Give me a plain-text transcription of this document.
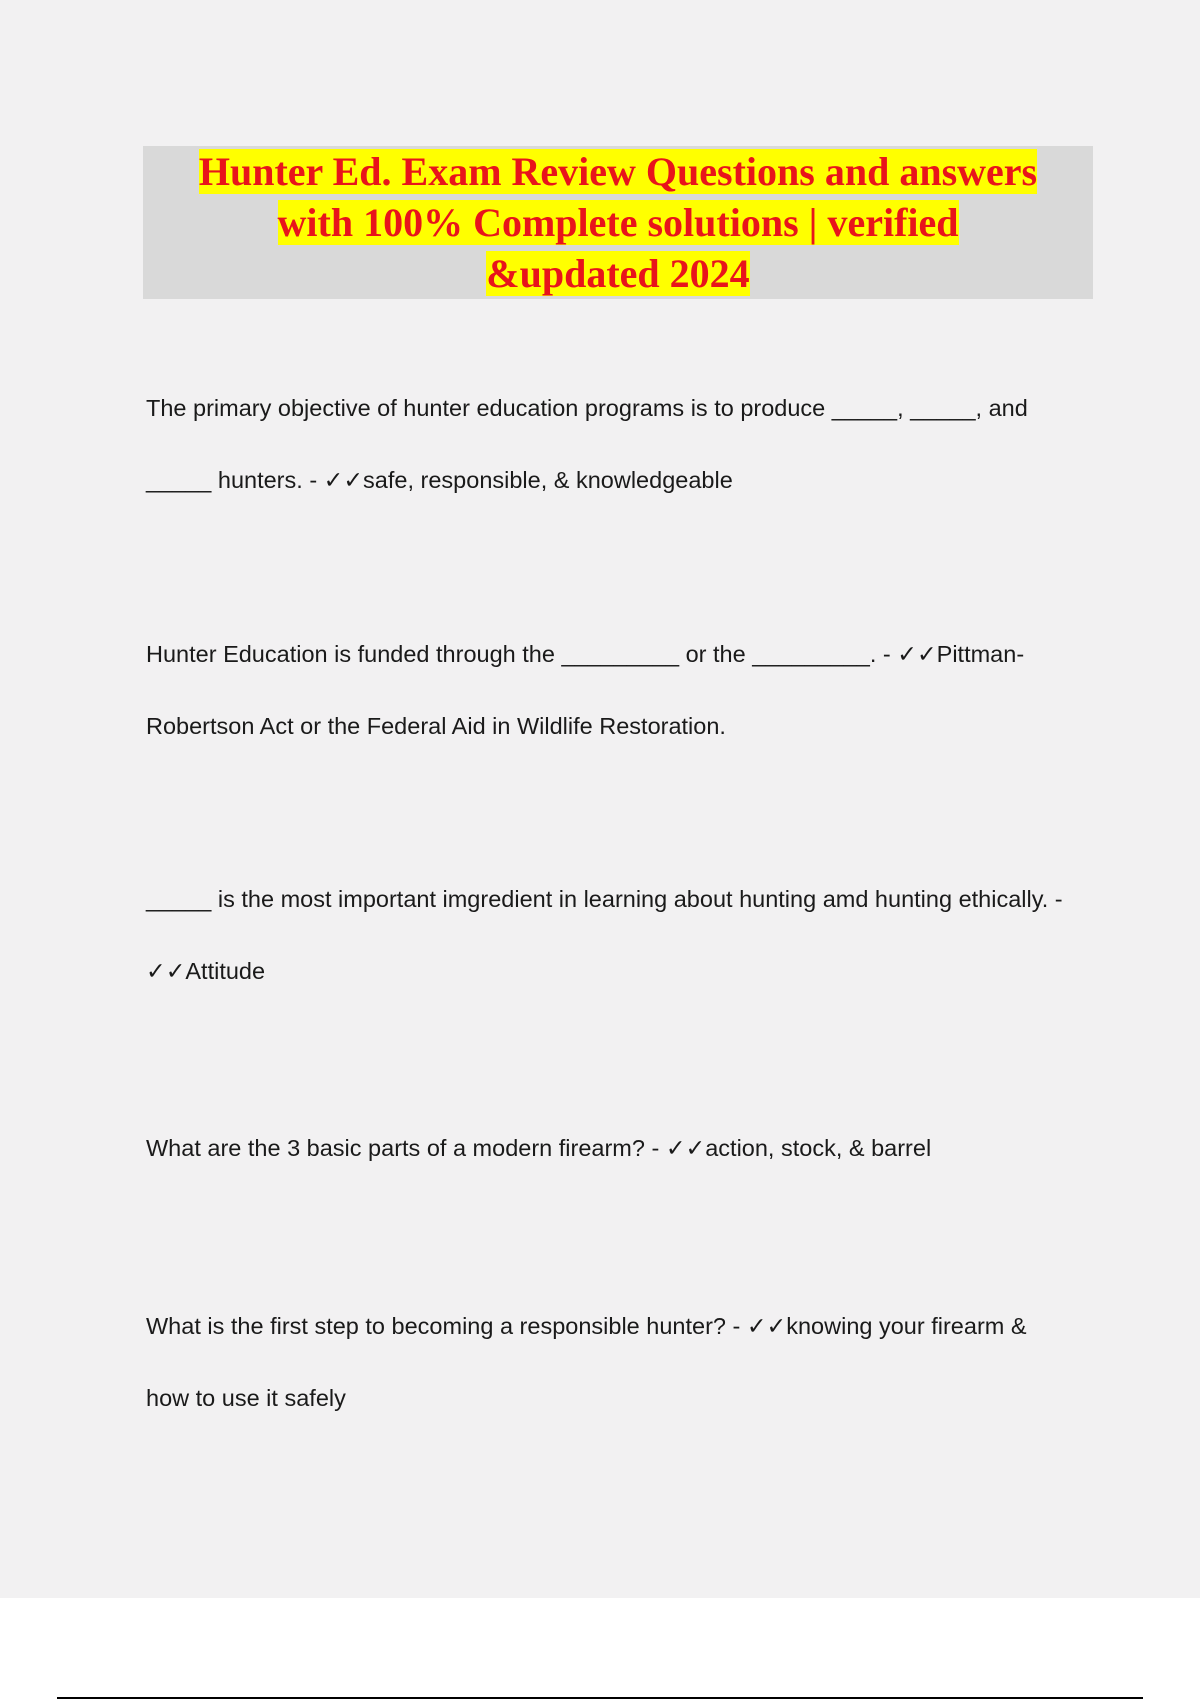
Hunter Ed. Exam Review Questions and answers
with 100% Complete solutions | verified
&updated 2024

The primary objective of hunter education programs is to produce _____, _____, and _____ hunters. - ✓✓safe, responsible, & knowledgeable

Hunter Education is funded through the _________ or the _________. - ✓✓Pittman-Robertson Act or the Federal Aid in Wildlife Restoration.

_____ is the most important imgredient in learning about hunting amd hunting ethically. - ✓✓Attitude

What are the 3 basic parts of a modern firearm? - ✓✓action, stock, & barrel

What is the first step to becoming a responsible hunter? - ✓✓knowing your firearm & how to use it safely
